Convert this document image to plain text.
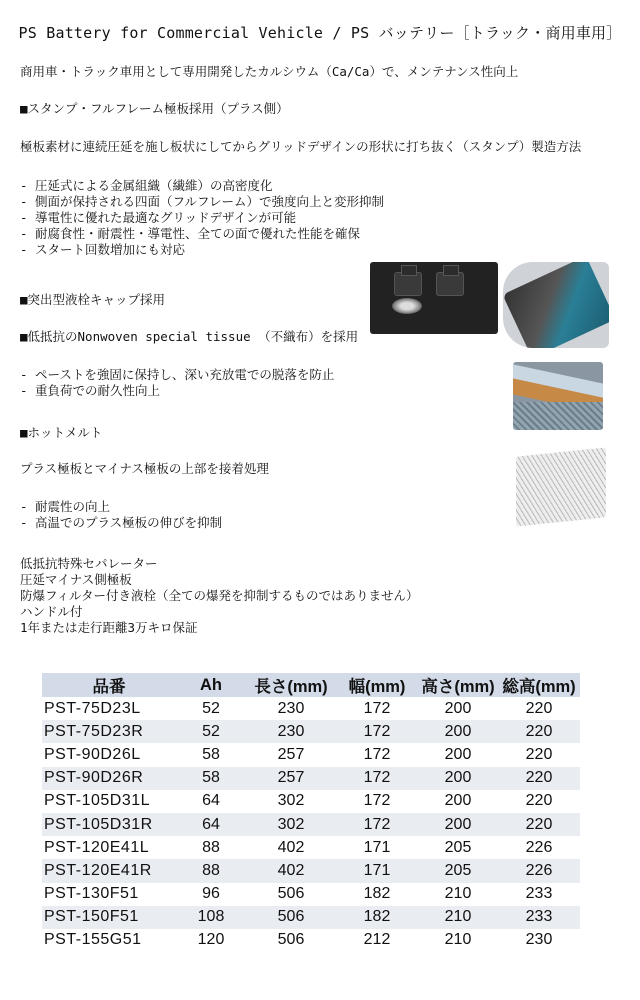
PS Battery for Commercial Vehicle / PS バッテリー［トラック・商用車用］
商用車・トラック車用として専用開発したカルシウム（Ca/Ca）で、メンテナンス性向上
■スタンプ・フルフレーム極板採用（プラス側）
極板素材に連続圧延を施し板状にしてからグリッドデザインの形状に打ち抜く（スタンプ）製造方法
- 圧延式による金属組織（繊維）の高密度化
- 側面が保持される四面（フルフレーム）で強度向上と変形抑制
- 導電性に優れた最適なグリッドデザインが可能
- 耐腐食性・耐震性・導電性、全ての面で優れた性能を確保
- スタート回数増加にも対応
■突出型液栓キャップ採用
■低抵抗のNonwoven special tissue （不織布）を採用
- ペーストを強固に保持し、深い充放電での脱落を防止
- 重負荷での耐久性向上
■ホットメルト
プラス極板とマイナス極板の上部を接着処理
- 耐震性の向上
- 高温でのプラス極板の伸びを抑制
低抵抗特殊セパレーター
圧延マイナス側極板
防爆フィルター付き液栓（全ての爆発を抑制するものではありません）
ハンドル付
1年または走行距離3万キロ保証
品番	Ah	長さ(mm)	幅(mm)	高さ(mm)	総高(mm)
PST-75D23L	52	230	172	200	220
PST-75D23R	52	230	172	200	220
PST-90D26L	58	257	172	200	220
PST-90D26R	58	257	172	200	220
PST-105D31L	64	302	172	200	220
PST-105D31R	64	302	172	200	220
PST-120E41L	88	402	171	205	226
PST-120E41R	88	402	171	205	226
PST-130F51	96	506	182	210	233
PST-150F51	108	506	182	210	233
PST-155G51	120	506	212	210	230
